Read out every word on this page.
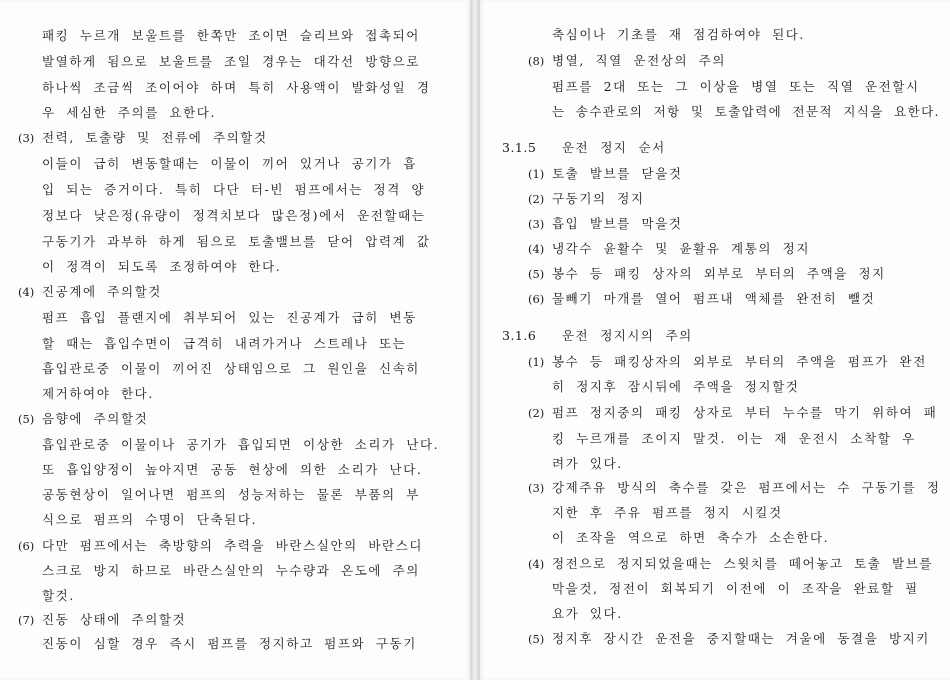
패킹 누르개 보울트를 한쪽만 조이면 슬리브와 접촉되어
발열하게 됨으로 보울트를 조일 경우는 대각선 방향으로
하나씩 조금씩 조이어야 하며 특히 사용액이 발화성일 경
우 세심한 주의를 요한다.
(3) 전력, 토출량 및 전류에 주의할것
이들이 급히 변동할때는 이물이 끼어 있거나 공기가 흡
입 되는 증거이다. 특히 다단 터-빈 펌프에서는 정격 양
정보다 낮은정(유량이 정격치보다 많은정)에서 운전할때는
구동기가 과부하 하게 됨으로 토출밸브를 닫어 압력계 값
이 정격이 되도록 조정하여야 한다.
(4) 진공계에 주의할것
펌프 흡입 플랜지에 취부되어 있는 진공계가 급히 변동
할 때는 흡입수면이 급격히 내려가거나 스트레나 또는
흡입관로중 이물이 끼어진 상태임으로 그 원인을 신속히
제거하여야 한다.
(5) 음향에 주의할것
흡입관로중 이물이나 공기가 흡입되면 이상한 소리가 난다.
또 흡입양정이 높아지면 공동 현상에 의한 소리가 난다.
공동현상이 일어나면 펌프의 성능저하는 물론 부품의 부
식으로 펌프의 수명이 단축된다.
(6) 다만 펌프에서는 축방향의 추력을 바란스실안의 바란스디
스크로 방지 하므로 바란스실안의 누수량과 온도에 주의
할것.
(7) 진동 상태에 주의할것
진동이 심할 경우 즉시 펌프를 정지하고 펌프와 구동기
축심이나 기초를 재 점검하여야 된다.
(8) 병열, 직열 운전상의 주의
펌프를 2대 또는 그 이상을 병열 또는 직열 운전할시
는 송수관로의 저항 및 토출압력에 전문적 지식을 요한다.
3.1.5 운전 정지 순서
(1) 토출 발브를 닫을것
(2) 구동기의 정지
(3) 흡입 발브를 막을것
(4) 냉각수 윤활수 및 윤활유 계통의 정지
(5) 봉수 등 패킹 상자의 외부로 부터의 주액을 정지
(6) 물빼기 마개를 열어 펌프내 액체를 완전히 뺄것
3.1.6 운전 정지시의 주의
(1) 봉수 등 패킹상자의 외부로 부터의 주액을 펌프가 완전
히 정지후 잠시뒤에 주액을 정지할것
(2) 펌프 정지중의 패킹 상자로 부터 누수를 막기 위하여 패
킹 누르개를 조이지 말것. 이는 재 운전시 소착할 우
려가 있다.
(3) 강제주유 방식의 축수를 갖은 펌프에서는 수 구동기를 정
지한 후 주유 펌프를 정지 시킬것
이 조작을 역으로 하면 축수가 소손한다.
(4) 정전으로 정지되었을때는 스윗치를 떼어놓고 토출 발브를
막을것, 정전이 회복되기 이전에 이 조작을 완료할 필
요가 있다.
(5) 정지후 장시간 운전을 중지할때는 겨울에 동결을 방지키
